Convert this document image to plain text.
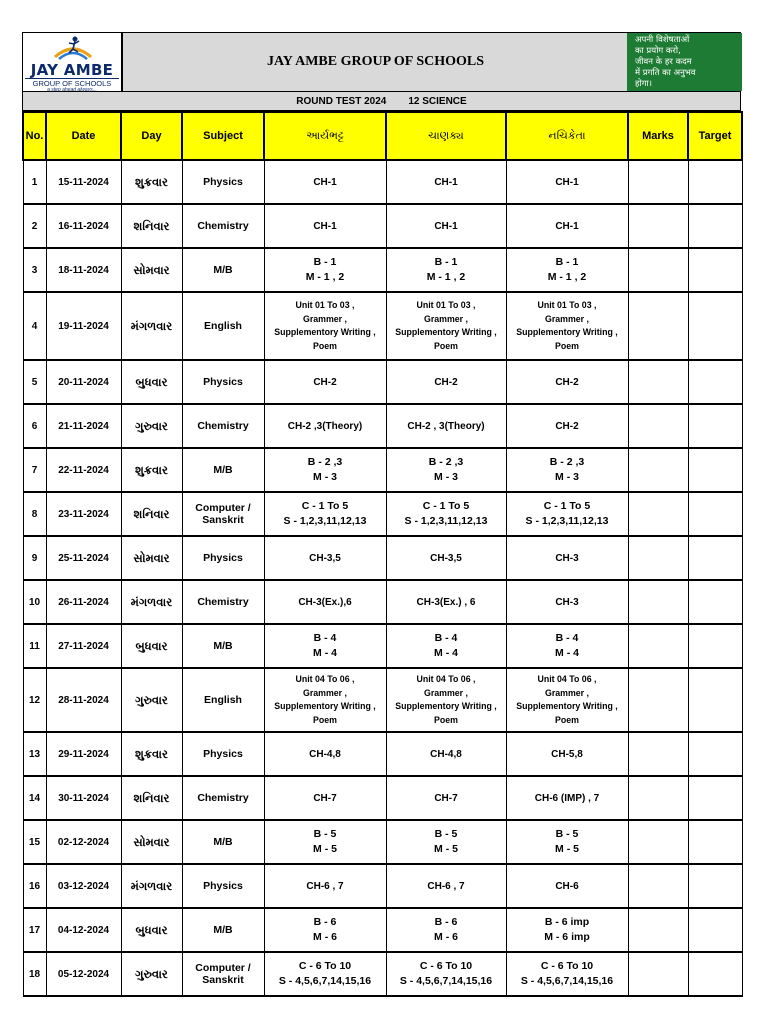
JAY AMBE
GROUP OF SCHOOLS
a step ahead always...
JAY AMBE GROUP OF SCHOOLS
अपनी विशेषताओं
का प्रयोग करो,
जीवन के हर कदम
में प्रगति का अनुभव
होगा।
ROUND TEST 2024 12 SCIENCE
No.	Date	Day	Subject	આર્યભટ્ટ	ચાણક્ય	નચિકેતા	Marks	Target
1	15-11-2024	શુક્રવાર	Physics	CH-1	CH-1	CH-1		
2	16-11-2024	શનિવાર	Chemistry	CH-1	CH-1	CH-1		
3	18-11-2024	સોમવાર	M/B	B - 1
M - 1 , 2	B - 1
M - 1 , 2	B - 1
M - 1 , 2		
4	19-11-2024	મંગળવાર	English	Unit 01 To 03 ,
Grammer ,
Supplementory Writing ,
Poem	Unit 01 To 03 ,
Grammer ,
Supplementory Writing ,
Poem	Unit 01 To 03 ,
Grammer ,
Supplementory Writing ,
Poem		
5	20-11-2024	બુધવાર	Physics	CH-2	CH-2	CH-2		
6	21-11-2024	ગુરુવાર	Chemistry	CH-2 ,3(Theory)	CH-2 , 3(Theory)	CH-2		
7	22-11-2024	શુક્રવાર	M/B	B - 2 ,3
M - 3	B - 2 ,3
M - 3	B - 2 ,3
M - 3		
8	23-11-2024	શનિવાર	Computer /
Sanskrit	C - 1 To 5
S - 1,2,3,11,12,13	C - 1 To 5
S - 1,2,3,11,12,13	C - 1 To 5
S - 1,2,3,11,12,13		
9	25-11-2024	સોમવાર	Physics	CH-3,5	CH-3,5	CH-3		
10	26-11-2024	મંગળવાર	Chemistry	CH-3(Ex.),6	CH-3(Ex.) , 6	CH-3		
11	27-11-2024	બુધવાર	M/B	B - 4
M - 4	B - 4
M - 4	B - 4
M - 4		
12	28-11-2024	ગુરુવાર	English	Unit 04 To 06 ,
Grammer ,
Supplementory Writing ,
Poem	Unit 04 To 06 ,
Grammer ,
Supplementory Writing ,
Poem	Unit 04 To 06 ,
Grammer ,
Supplementory Writing ,
Poem		
13	29-11-2024	શુક્રવાર	Physics	CH-4,8	CH-4,8	CH-5,8		
14	30-11-2024	શનિવાર	Chemistry	CH-7	CH-7	CH-6 (IMP) , 7		
15	02-12-2024	સોમવાર	M/B	B - 5
M - 5	B - 5
M - 5	B - 5
M - 5		
16	03-12-2024	મંગળવાર	Physics	CH-6 , 7	CH-6 , 7	CH-6		
17	04-12-2024	બુધવાર	M/B	B - 6
M - 6	B - 6
M - 6	B - 6 imp
M - 6 imp		
18	05-12-2024	ગુરુવાર	Computer /
Sanskrit	C - 6 To 10
S - 4,5,6,7,14,15,16	C - 6 To 10
S - 4,5,6,7,14,15,16	C - 6 To 10
S - 4,5,6,7,14,15,16		
